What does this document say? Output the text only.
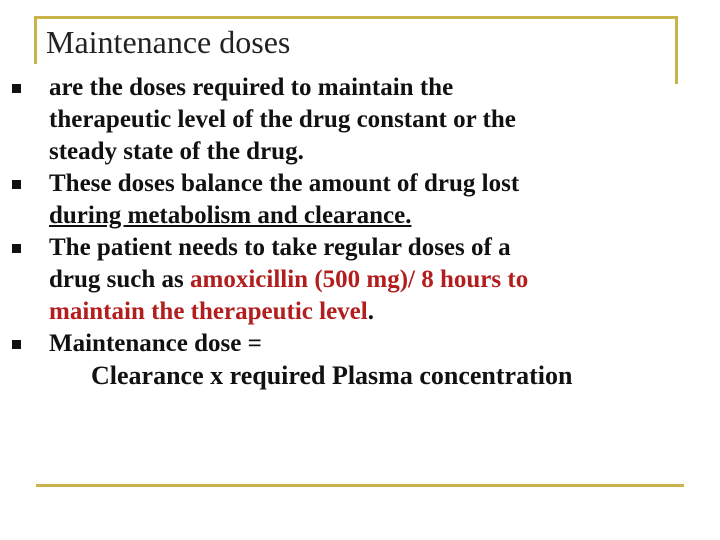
Maintenance doses
are the doses required to maintain the
therapeutic level of the drug constant or the
steady state of the drug.
These doses balance the amount of drug lost
during metabolism and clearance.
The patient needs to take regular doses of a
drug such as amoxicillin (500 mg)/ 8 hours to
maintain the therapeutic level.
Maintenance dose =
Clearance x required Plasma concentration
